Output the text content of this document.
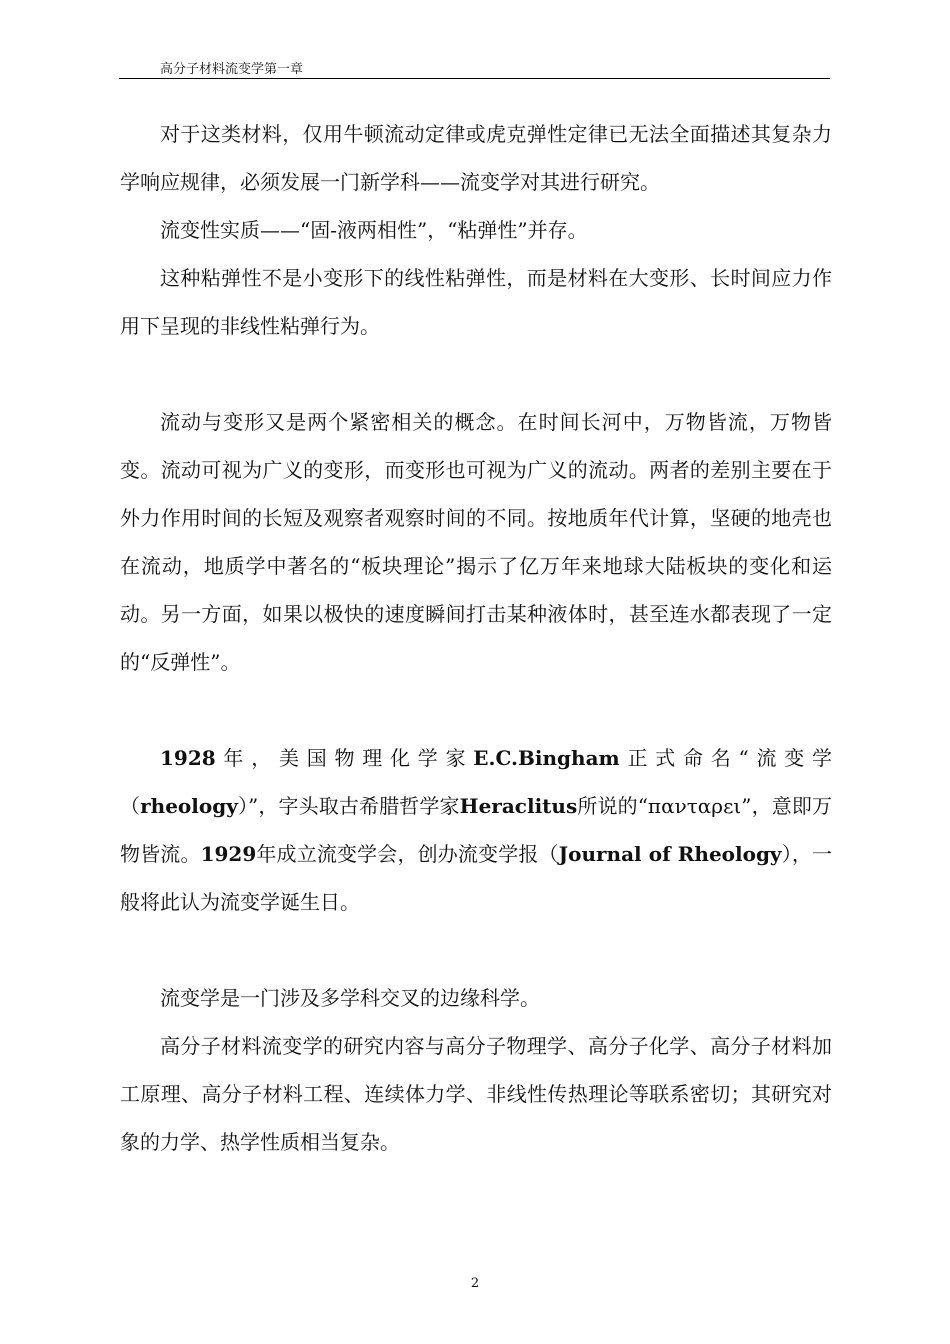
高分子材料流变学第一章

对于这类材料，仅用牛顿流动定律或虎克弹性定律已无法全面描述其复杂力学响应规律，必须发展一门新学科——流变学对其进行研究。

流变性实质——“固-液两相性”，“粘弹性”并存。

这种粘弹性不是小变形下的线性粘弹性，而是材料在大变形、长时间应力作用下呈现的非线性粘弹行为。

流动与变形又是两个紧密相关的概念。在时间长河中，万物皆流，万物皆变。流动可视为广义的变形，而变形也可视为广义的流动。两者的差别主要在于外力作用时间的长短及观察者观察时间的不同。按地质年代计算，坚硬的地壳也在流动，地质学中著名的“板块理论”揭示了亿万年来地球大陆板块的变化和运动。另一方面，如果以极快的速度瞬间打击某种液体时，甚至连水都表现了一定的“反弹性”。

1928年，美国物理化学家E.C.Bingham正式命名“流变学（rheology）”，字头取古希腊哲学家Heraclitus所说的“πανταρει”，意即万物皆流。1929年成立流变学会，创办流变学报（Journal of Rheology），一般将此认为流变学诞生日。

流变学是一门涉及多学科交叉的边缘科学。

高分子材料流变学的研究内容与高分子物理学、高分子化学、高分子材料加工原理、高分子材料工程、连续体力学、非线性传热理论等联系密切；其研究对象的力学、热学性质相当复杂。

2
